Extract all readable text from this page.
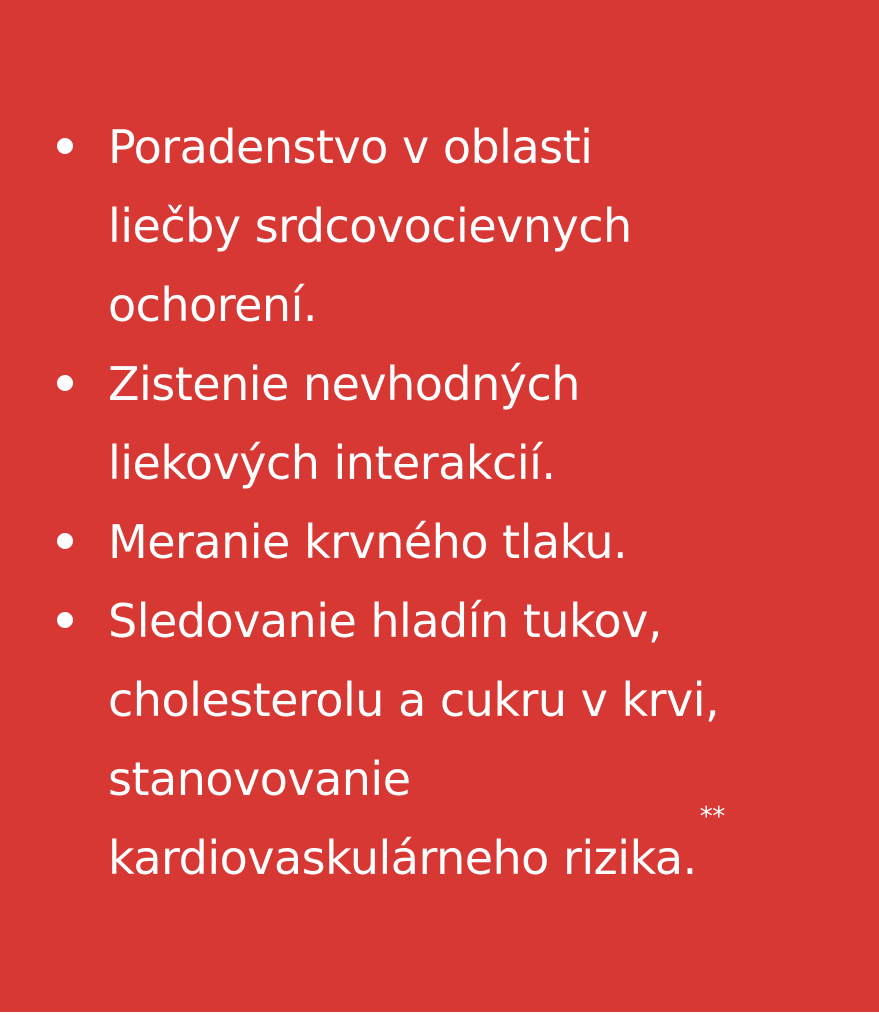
Poradenstvo v oblasti
liečby srdcovocievnych
ochorení.
Zistenie nevhodných
liekových interakcií.
Meranie krvného tlaku.
Sledovanie hladín tukov,
cholesterolu a cukru v krvi,
stanovovanie
kardiovaskulárneho rizika.
**
